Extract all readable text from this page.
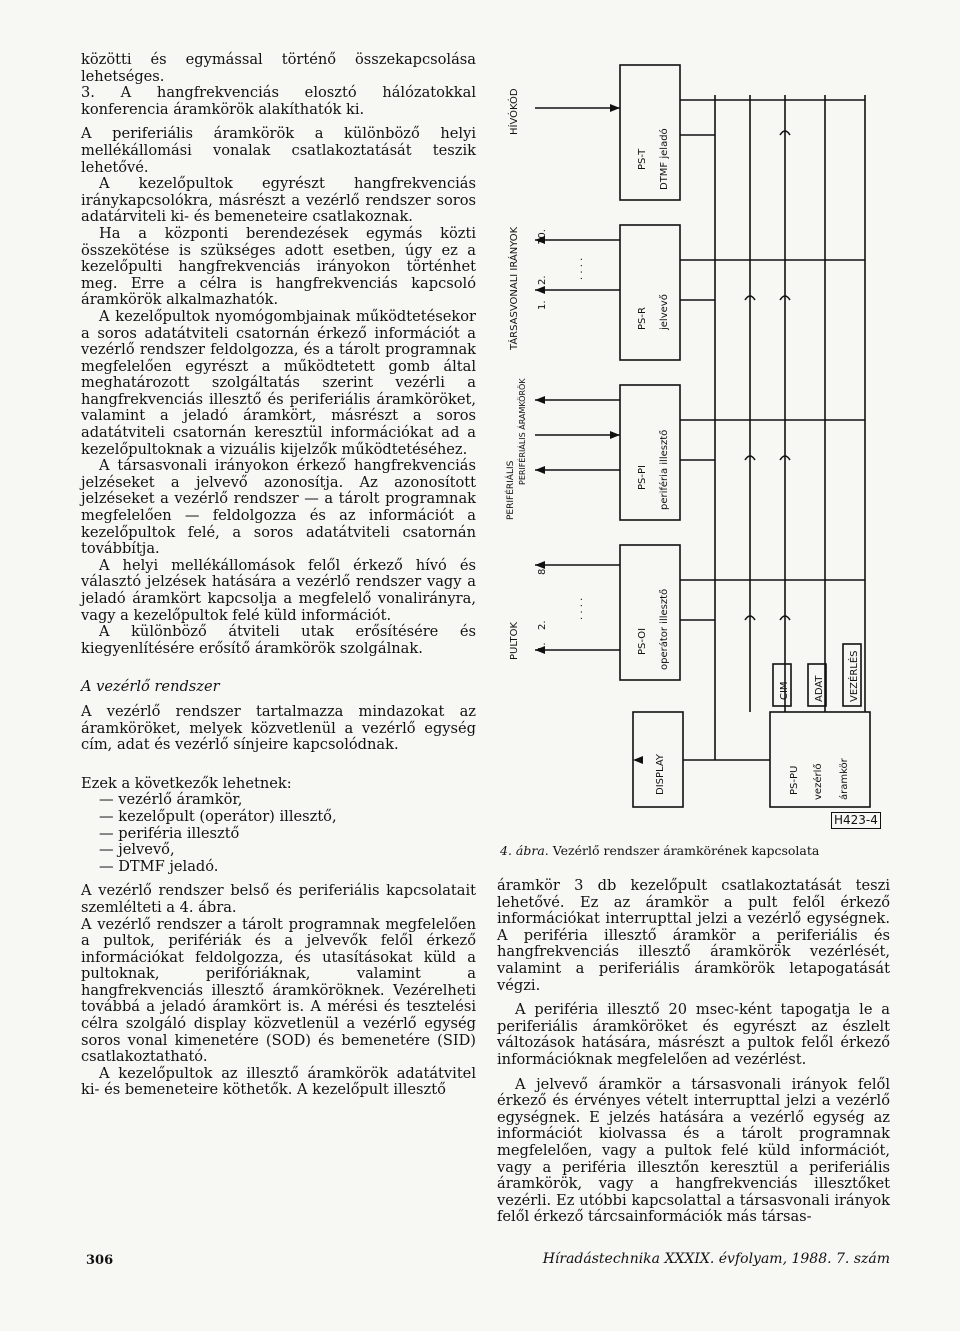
közötti és egymással történő összekapcsolása lehetséges.

3. A hangfrekvenciás elosztó hálózatokkal konferencia áramkörök alakíthatók ki.

A periferiális áramkörök a különböző helyi mellékállomási vonalak csatlakoztatását teszik lehetővé.

A kezelőpultok egyrészt hangfrekvenciás iránykapcsolókra, másrészt a vezérlő rendszer soros adatárviteli ki- és bemeneteire csatlakoznak.

Ha a központi berendezések egymás közti összekötése is szükséges adott esetben, úgy ez a kezelőpulti hangfrekvenciás irányokon történhet meg. Erre a célra is hangfrekvenciás kapcsoló áramkörök alkalmazhatók.

A kezelőpultok nyomógombjainak működtetésekor a soros adatátviteli csatornán érkező információt a vezérlő rendszer feldolgozza, és a tárolt programnak megfelelően egyrészt a működtetett gomb által meghatározott szolgáltatás szerint vezérli a hangfrekvenciás illesztő és periferiális áramköröket, valamint a jeladó áramkört, másrészt a soros adatátviteli csatornán keresztül információkat ad a kezelőpultoknak a vizuális kijelzők működtetéséhez.

A társasvonali irányokon érkező hangfrekvenciás jelzéseket a jelvevő azonosítja. Az azonosított jelzéseket a vezérlő rendszer — a tárolt programnak megfelelően — feldolgozza és az információt a kezelőpultok felé, a soros adatátviteli csatornán továbbítja.

A helyi mellékállomások felől érkező hívó és választó jelzések hatására a vezérlő rendszer vagy a jeladó áramkört kapcsolja a megfelelő vonalirányra, vagy a kezelőpultok felé küld információt.

A különböző átviteli utak erősítésére és kiegyenlítésére erősítő áramkörök szolgálnak.

A vezérlő rendszer

A vezérlő rendszer tartalmazza mindazokat az áramköröket, melyek közvetlenül a vezérlő egység cím, adat és vezérlő sínjeire kapcsolódnak.

Ezek a következők lehetnek:

— vezérlő áramkör,
— kezelőpult (operátor) illesztő,
— periféria illesztő
— jelvevő,
— DTMF jeladó.

A vezérlő rendszer belső és periferiális kapcsolatait szemlélteti a 4. ábra.

A vezérlő rendszer a tárolt programnak megfelelően a pultok, perifériák és a jelvevők felől érkező információkat feldolgozza, és utasításokat küld a pultoknak, perifóriáknak, valamint a hangfrekvenciás illesztő áramköröknek. Vezérelheti továbbá a jeladó áramkört is. A mérési és tesztelési célra szolgáló display közvetlenül a vezérlő egység soros vonal kimenetére (SOD) és bemenetére (SID) csatlakoztatható.

A kezelőpultok az illesztő áramkörök adatátvitel ki- és bemeneteire köthetők. A kezelőpult illesztő

HÍVÓKÓD
TÁRSASVONALI IRÁNYOK
PERIFÉRIÁLIS
PERIFÉRIÁLIS ÁRAMKÖRÖK
PULTOK
1.
2.
10.
1.
2.
8.
· · · ·
· · · ·
PS-T DTMF jeladó
PS-R jelvevő
PS-PI periféria illesztő
PS-OI operátor illesztő
DISPLAY	PS-PU vezérlő áramkör
CIM ADAT VEZÉRLÉS
H423-4
4. ábra. Vezérlő rendszer áramkörének kapcsolata

áramkör 3 db kezelőpult csatlakoztatását teszi lehetővé. Ez az áramkör a pult felől érkező információkat interrupttal jelzi a vezérlő egységnek. A periféria illesztő áramkör a periferiális és hangfrekvenciás illesztő áramkörök vezérlését, valamint a periferiális áramkörök letapogatását végzi.

A periféria illesztő 20 msec-ként tapogatja le a periferiális áramköröket és egyrészt az észlelt változások hatására, másrészt a pultok felől érkező információknak megfelelően ad vezérlést.

A jelvevő áramkör a társasvonali irányok felől érkező és érvényes vételt interrupttal jelzi a vezérlő egységnek. E jelzés hatására a vezérlő egység az információt kiolvassa és a tárolt programnak megfelelően, vagy a pultok felé küld információt, vagy a periféria illesztőn keresztül a periferiális áramkörök, vagy a hangfrekvenciás illesztőket vezérli. Ez utóbbi kapcsolattal a társasvonali irányok felől érkező tárcsainformációk más társas-

306	Híradástechnika XXXIX. évfolyam, 1988. 7. szám
